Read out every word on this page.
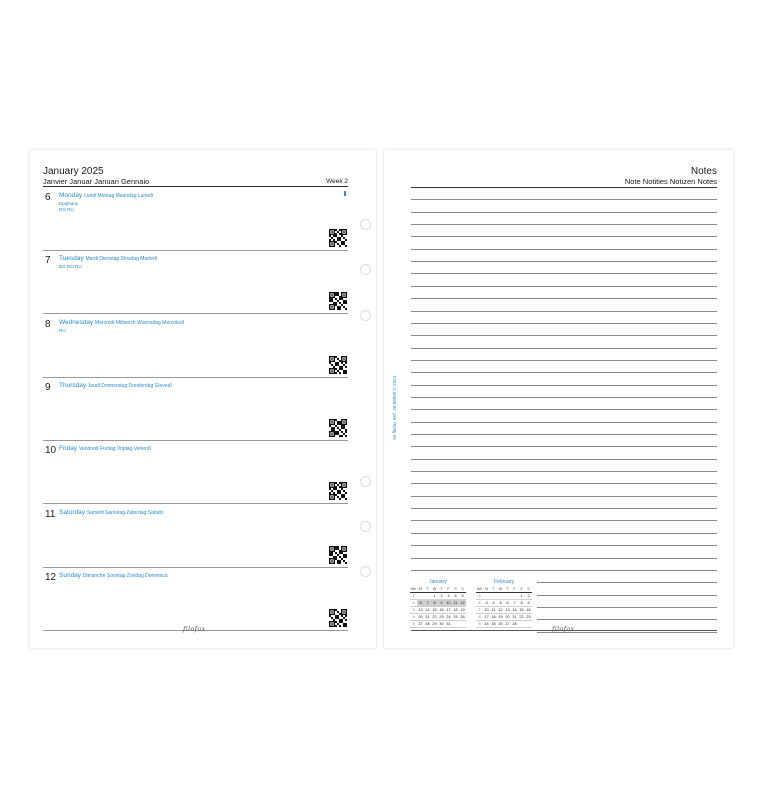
January 2025
Janvier Januar Januari Gennaio	Week 2
6 Monday Lundi Montag Maandag Lunedì
Epiphany
RO RU
7 Tuesday Mardi Dienstag Dinsdag Martedì
BG RO RU

8 Wednesday Mercredi Mittwoch Woensdag Mercoledì
RU

9 Thursday Jeudi Donnerstag Donderdag Giovedì

10 Friday Vendredi Freitag Vrijdag Venerdì

11 Saturday Samedi Samstag Zaterdag Sabato

12 Sunday Dimanche Sonntag Zondag Domenica

filofax
Notes
Note Notities Notizen Notes
A5 filofax Ref. 25-68505 © 2024
January
Wk	M	T	W	T	F	S	S
1			1	2	3	4	5
2	6	7	8	9	10	11	12
3	13	14	15	16	17	18	19
4	20	21	22	23	24	25	26
5	27	28	29	30	31		
February
Wk	M	T	W	T	F	S	S
5						1	2
6	3	4	5	6	7	8	9
7	10	11	12	13	14	15	16
8	17	18	19	20	21	22	23
9	24	25	26	27	28		
filofax
